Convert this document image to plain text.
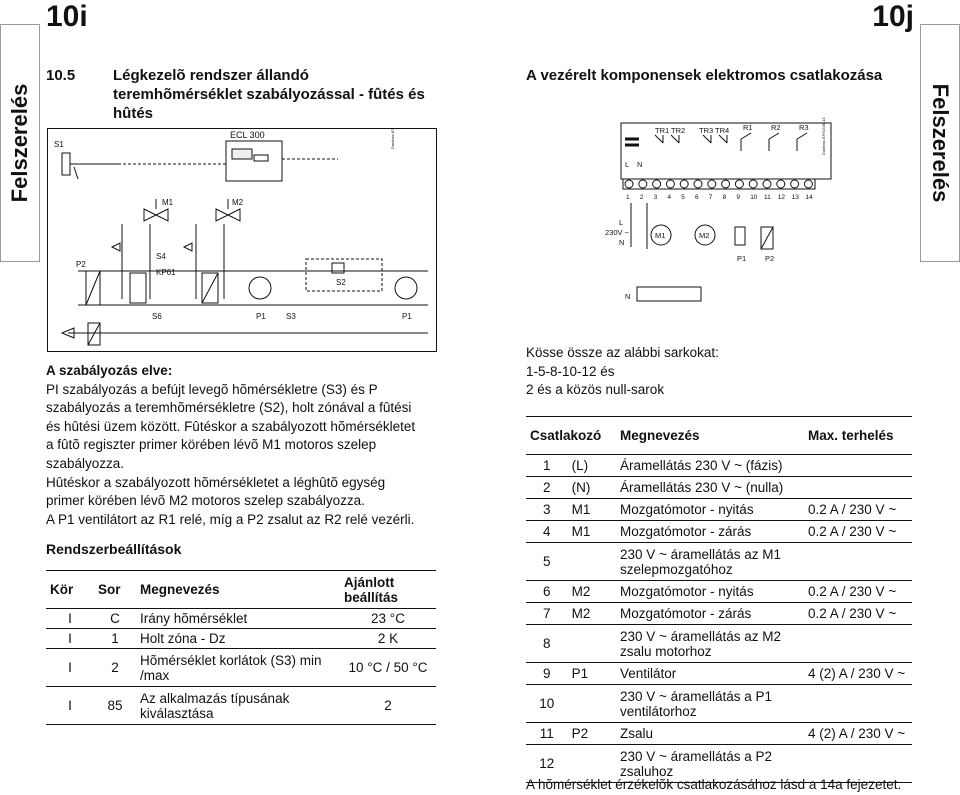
10i	10j
Felszerelés	Felszerelés
10.5	Légkezelõ rendszer állandó
teremhõmérséklet szabályozással - fûtés és
hûtés
S1
ECL 300
M1	M2
S4
P2
KP61
S6	P1	S3
S2
P1
Danfoss 87H1335.14

A szabályozás elve:

PI szabályozás a befújt levegõ hõmérsékletre (S3) és P

szabályozás a teremhõmérsékletre (S2), holt zónával a fûtési

és hûtési üzem között. Fûtéskor a szabályozott hõmérsékletet

a fûtõ regiszter primer körében lévõ M1 motoros szelep

szabályozza.

Hûtéskor a szabályozott hõmérsékletet a léghûtõ egység

primer körében lévõ M2 motoros szelep szabályozza.

A P1 ventilátort az R1 relé, míg a P2 zsalut az R2 relé vezérli.

Rendszerbeállítások
Kör	Sor	Megnevezés	Ajánlott
beállítás

I	C	Irány hõmérséklet	23 °C
I	1	Holt zóna - Dz	2 K
I	2	Hõmérséklet korlátok (S3) min
/max	10 °C / 50 °C
I	85	Az alkalmazás típusának
kiválasztása	2
A vezérelt komponensek elektromos csatlakozása
TR1 TR2 TR3 TR4 R1 R2 R3
L N
L
230V ~
N
M1	M2
P1	P2
N
Danfoss 87H1345.14
1 2 3 4 5 6 7 8 9 10 11 12 13 14

Kösse össze az alábbi sarkokat:

1-5-8-10-12 és

2 és a közös null-sarok

Csatlakozó		Megnevezés	Max. terhelés
1	(L)	Áramellátás 230 V ~ (fázis)	

2	(N)	Áramellátás 230 V ~ (nulla)	

3	M1	Mozgatómotor - nyitás	0.2 A / 230 V ~
4	M1	Mozgatómotor - zárás	0.2 A / 230 V ~
5		230 V ~ áramellátás az M1
szelepmozgatóhoz	

6	M2	Mozgatómotor - nyitás	0.2 A / 230 V ~
7	M2	Mozgatómotor - zárás	0.2 A / 230 V ~
8		230 V ~ áramellátás az M2
zsalu motorhoz	

9	P1	Ventilátor	4 (2) A / 230 V ~
10		230 V ~ áramellátás a P1
ventilátorhoz	

11	P2	Zsalu	4 (2) A / 230 V ~
12		230 V ~ áramellátás a P2
zsaluhoz	

A hõmérséklet érzékelõk csatlakozásához lásd a 14a fejezetet.
